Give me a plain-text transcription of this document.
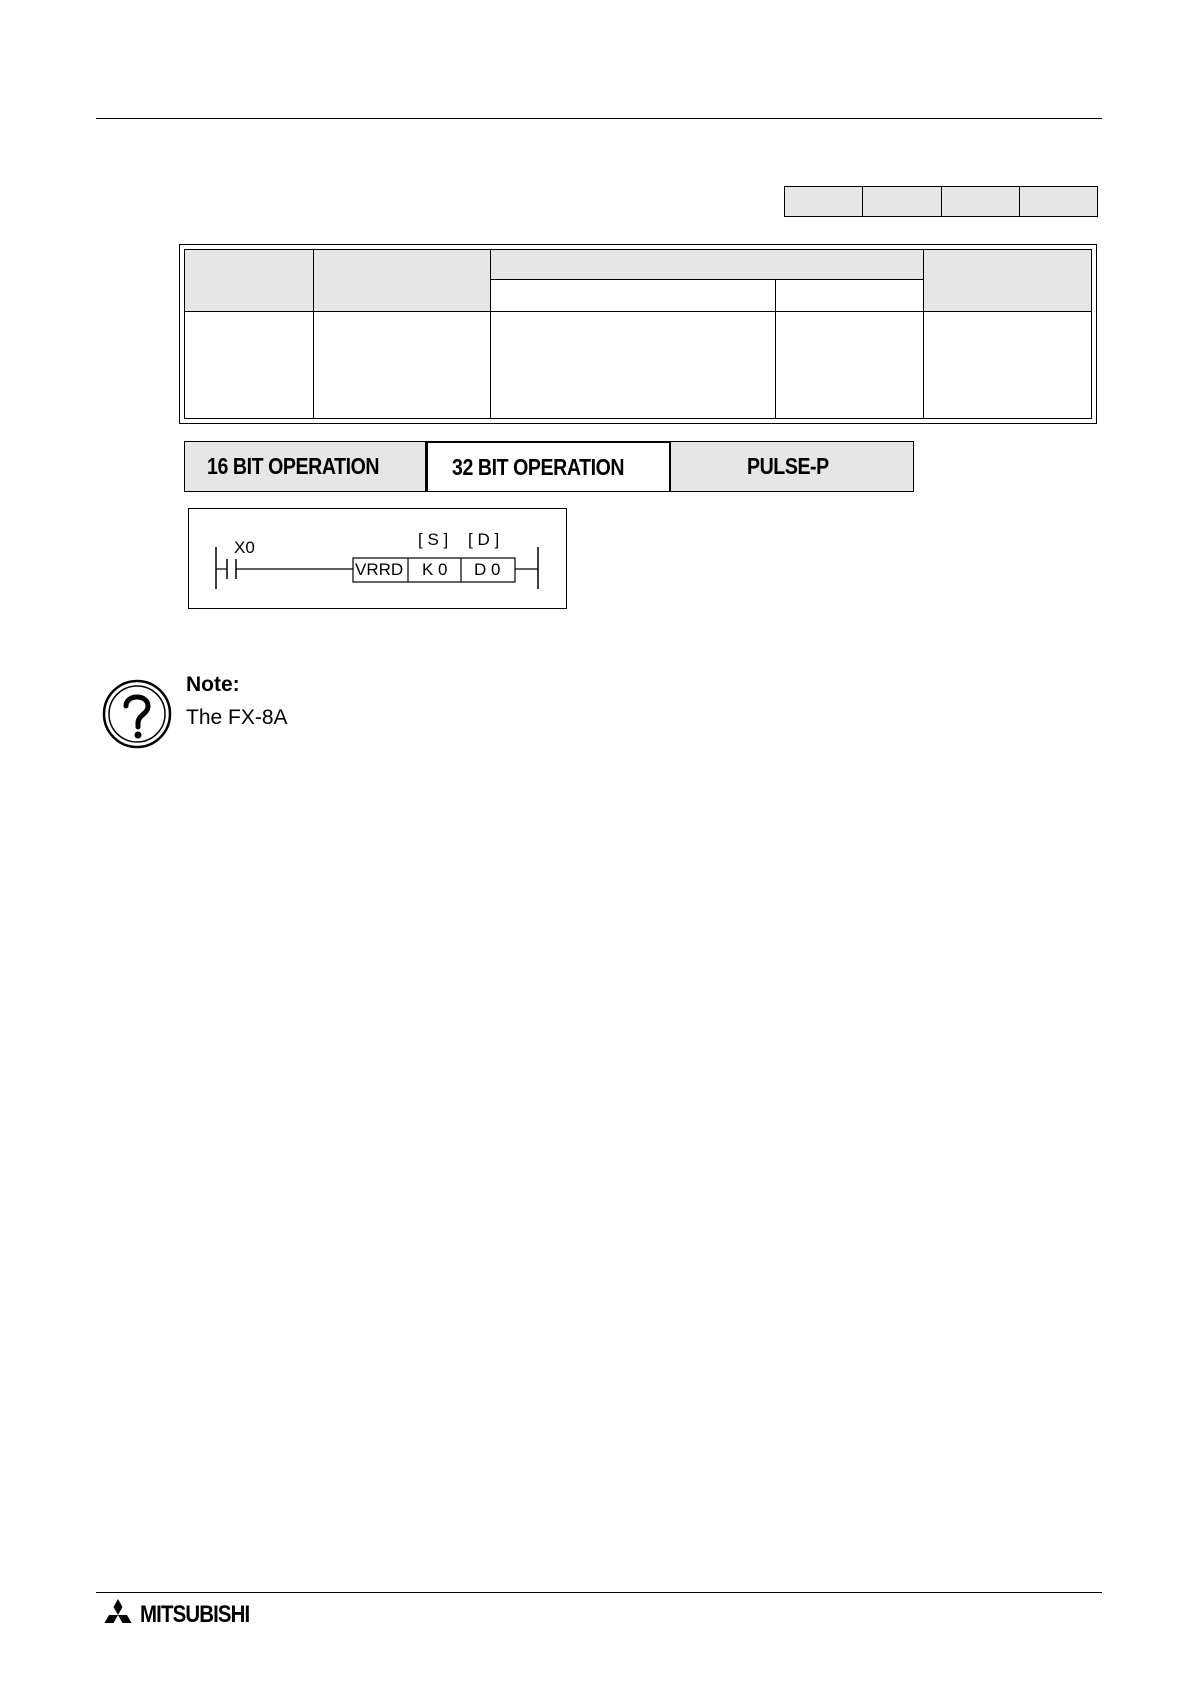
16 BIT OPERATION	32 BIT OPERATION	PULSE-P
X0	[ S ] [ D ]
VRRD K 0 D 0
Note:
The FX-8A
MITSUBISHI
